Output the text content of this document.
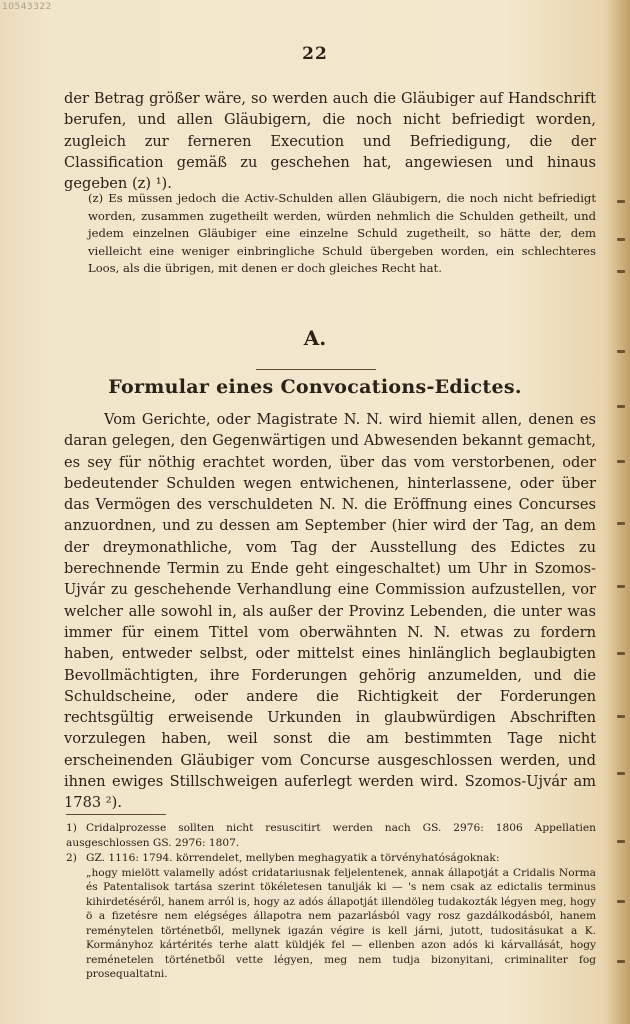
10543322
22

der Betrag größer wäre, so werden auch die Gläubiger auf Handschrift berufen, und allen Gläubigern, die noch nicht befriedigt worden, zugleich zur ferneren Execution und Befriedigung, die der Classification gemäß zu geschehen hat, angewiesen und hinaus gegeben (z) ¹).

(z) Es müssen jedoch die Activ-Schulden allen Gläubigern, die noch nicht befriedigt worden, zusammen zugetheilt werden, würden nehmlich die Schulden getheilt, und jedem einzelnen Gläubiger eine einzelne Schuld zugetheilt, so hätte der, dem vielleicht eine weniger einbringliche Schuld übergeben worden, ein schlechteres Loos, als die übrigen, mit denen er doch gleiches Recht hat.

A.
Formular eines Convocations-Edictes.

Vom Gerichte, oder Magistrate N. N. wird hiemit allen, denen es daran gelegen, den Gegenwärtigen und Abwesenden bekannt gemacht, es sey für nöthig erachtet worden, über das vom verstorbenen, oder bedeutender Schulden wegen entwichenen, hinterlassene, oder über das Vermögen des verschuldeten N. N. die Eröffnung eines Concurses anzuordnen, und zu dessen am September (hier wird der Tag, an dem der dreymonathliche, vom Tag der Ausstellung des Edictes zu berechnende Termin zu Ende geht eingeschaltet) um Uhr in Szomos-Ujvár zu geschehende Verhandlung eine Commission aufzustellen, vor welcher alle sowohl in, als außer der Provinz Lebenden, die unter was immer für einem Tittel vom oberwähnten N. N. etwas zu fordern haben, entweder selbst, oder mittelst eines hinlänglich beglaubigten Bevollmächtigten, ihre Forderungen gehörig anzumelden, und die Schuldscheine, oder andere die Richtigkeit der Forderungen rechtsgültig erweisende Urkunden in glaubwürdigen Abschriften vorzulegen haben, weil sonst die am bestimmten Tage nicht erscheinenden Gläubiger vom Concurse ausgeschlossen werden, und ihnen ewiges Stillschweigen auferlegt werden wird. Szomos-Ujvár am 1783 ²).

1) Cridalprozesse sollten nicht resuscitirt werden nach GS. 2976: 1806 Appellatien ausgeschlossen GS. 2976: 1807.
2) GZ. 1116: 1794. körrendelet, mellyben meghagyatik a törvényhatóságoknak:
„hogy mielött valamelly adóst cridatariusnak feljelentenek, annak állapotját a Cridalis Norma és Patentalisok tartása szerint tökéletesen tanulják ki — 's nem csak az edictalis terminus kihirdetéséről, hanem arról is, hogy az adós állapotját illendöleg tudakozták légyen meg, hogy ö a fizetésre nem elégséges állapotra nem pazarlásból vagy rosz gazdálkodásból, hanem reménytelen történetből, mellynek igazán végire is kell járni, jutott, tudositásukat a K. Kormányhoz kártérités terhe alatt küldjék fel — ellenben azon adós ki kárvallását, hogy reménetelen történetből vette légyen, meg nem tudja bizonyitani, criminaliter fog prosequaltatni.
